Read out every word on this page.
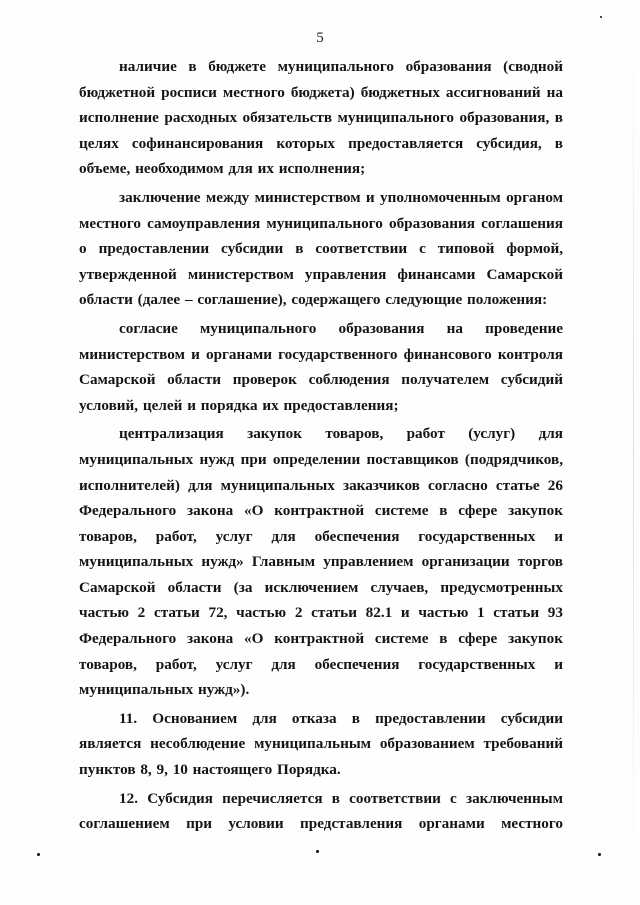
5

наличие в бюджете муниципального образования (сводной бюджетной росписи местного бюджета) бюджетных ассигнований на исполнение расходных обязательств муниципального образования, в целях софинансирования которых предоставляется субсидия, в объеме, необходимом для их исполнения;

заключение между министерством и уполномоченным органом местного самоуправления муниципального образования соглашения о предоставлении субсидии в соответствии с типовой формой, утвержденной министерством управления финансами Самарской области (далее – соглашение), содержащего следующие положения:

согласие муниципального образования на проведение министерством и органами государственного финансового контроля Самарской области проверок соблюдения получателем субсидий условий, целей и порядка их предоставления;

централизация закупок товаров, работ (услуг) для муниципальных нужд при определении поставщиков (подрядчиков, исполнителей) для муниципальных заказчиков согласно статье 26 Федерального закона «О контрактной системе в сфере закупок товаров, работ, услуг для обеспечения государственных и муниципальных нужд» Главным управлением организации торгов Самарской области (за исключением случаев, предусмотренных частью 2 статьи 72, частью 2 статьи 82.1 и частью 1 статьи 93 Федерального закона «О контрактной системе в сфере закупок товаров, работ, услуг для обеспечения государственных и муниципальных нужд»).

11. Основанием для отказа в предоставлении субсидии является несоблюдение муниципальным образованием требований пунктов 8, 9, 10 настоящего Порядка.

12. Субсидия перечисляется в соответствии с заключенным соглашением при условии представления органами местного
